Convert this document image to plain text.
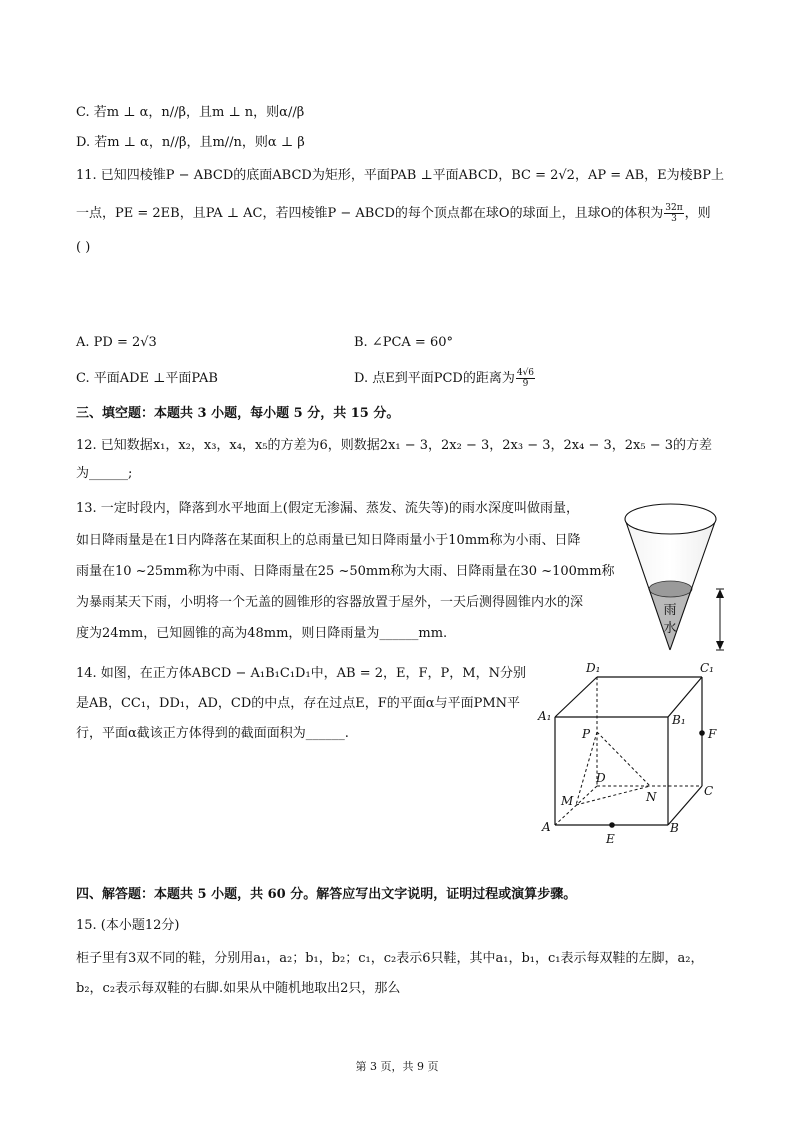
C. 若m ⊥ α，n//β，且m ⊥ n，则α//β
D. 若m ⊥ α，n//β，且m//n，则α ⊥ β
11. 已知四棱锥P − ABCD的底面ABCD为矩形，平面PAB ⊥平面ABCD，BC = 2√2，AP = AB，E为棱BP上
一点，PE = 2EB，且PA ⊥ AC，若四棱锥P − ABCD的每个顶点都在球O的球面上，且球O的体积为 $\frac{32\pi}{3}$ ，则
( )
A. PD = 2√3	B. ∠PCA = 60°
C. 平面ADE ⊥平面PAB	D. 点E到平面PCD的距离为 $\frac{4√6}{9}$
三、填空题：本题共 3 小题，每小题 5 分，共 15 分。
12. 已知数据x₁，x₂，x₃，x₄，x₅的方差为6，则数据2x₁ − 3，2x₂ − 3，2x₃ − 3，2x₄ − 3，2x₅ − 3的方差
为______;
13. 一定时段内，降落到水平地面上(假定无渗漏、蒸发、流失等)的雨水深度叫做雨量，
如日降雨量是在1日内降落在某面积上的总雨量已知日降雨量小于10mm称为小雨、日降
雨量在10 ~25mm称为中雨、日降雨量在25 ~50mm称为大雨、日降雨量在30 ~100mm称
为暴雨某天下雨，小明将一个无盖的圆锥形的容器放置于屋外，一天后测得圆锥内水的深
度为24mm，已知圆锥的高为48mm，则日降雨量为______mm.
雨
水
14. 如图，在正方体ABCD − A₁B₁C₁D₁中，AB = 2，E，F，P，M，N分别
是AB，CC₁，DD₁，AD，CD的中点，存在过点E，F的平面α与平面PMN平
行，平面α截该正方体得到的截面面积为______.
D₁	C₁
A₁	B₁
P	F
D
M	N	C
A	B
E
四、解答题：本题共 5 小题，共 60 分。解答应写出文字说明，证明过程或演算步骤。
15. (本小题12分)
柜子里有3双不同的鞋，分别用a₁，a₂；b₁，b₂；c₁，c₂表示6只鞋，其中a₁，b₁，c₁表示每双鞋的左脚，a₂，
b₂，c₂表示每双鞋的右脚.如果从中随机地取出2只，那么
第 3 页，共 9 页
